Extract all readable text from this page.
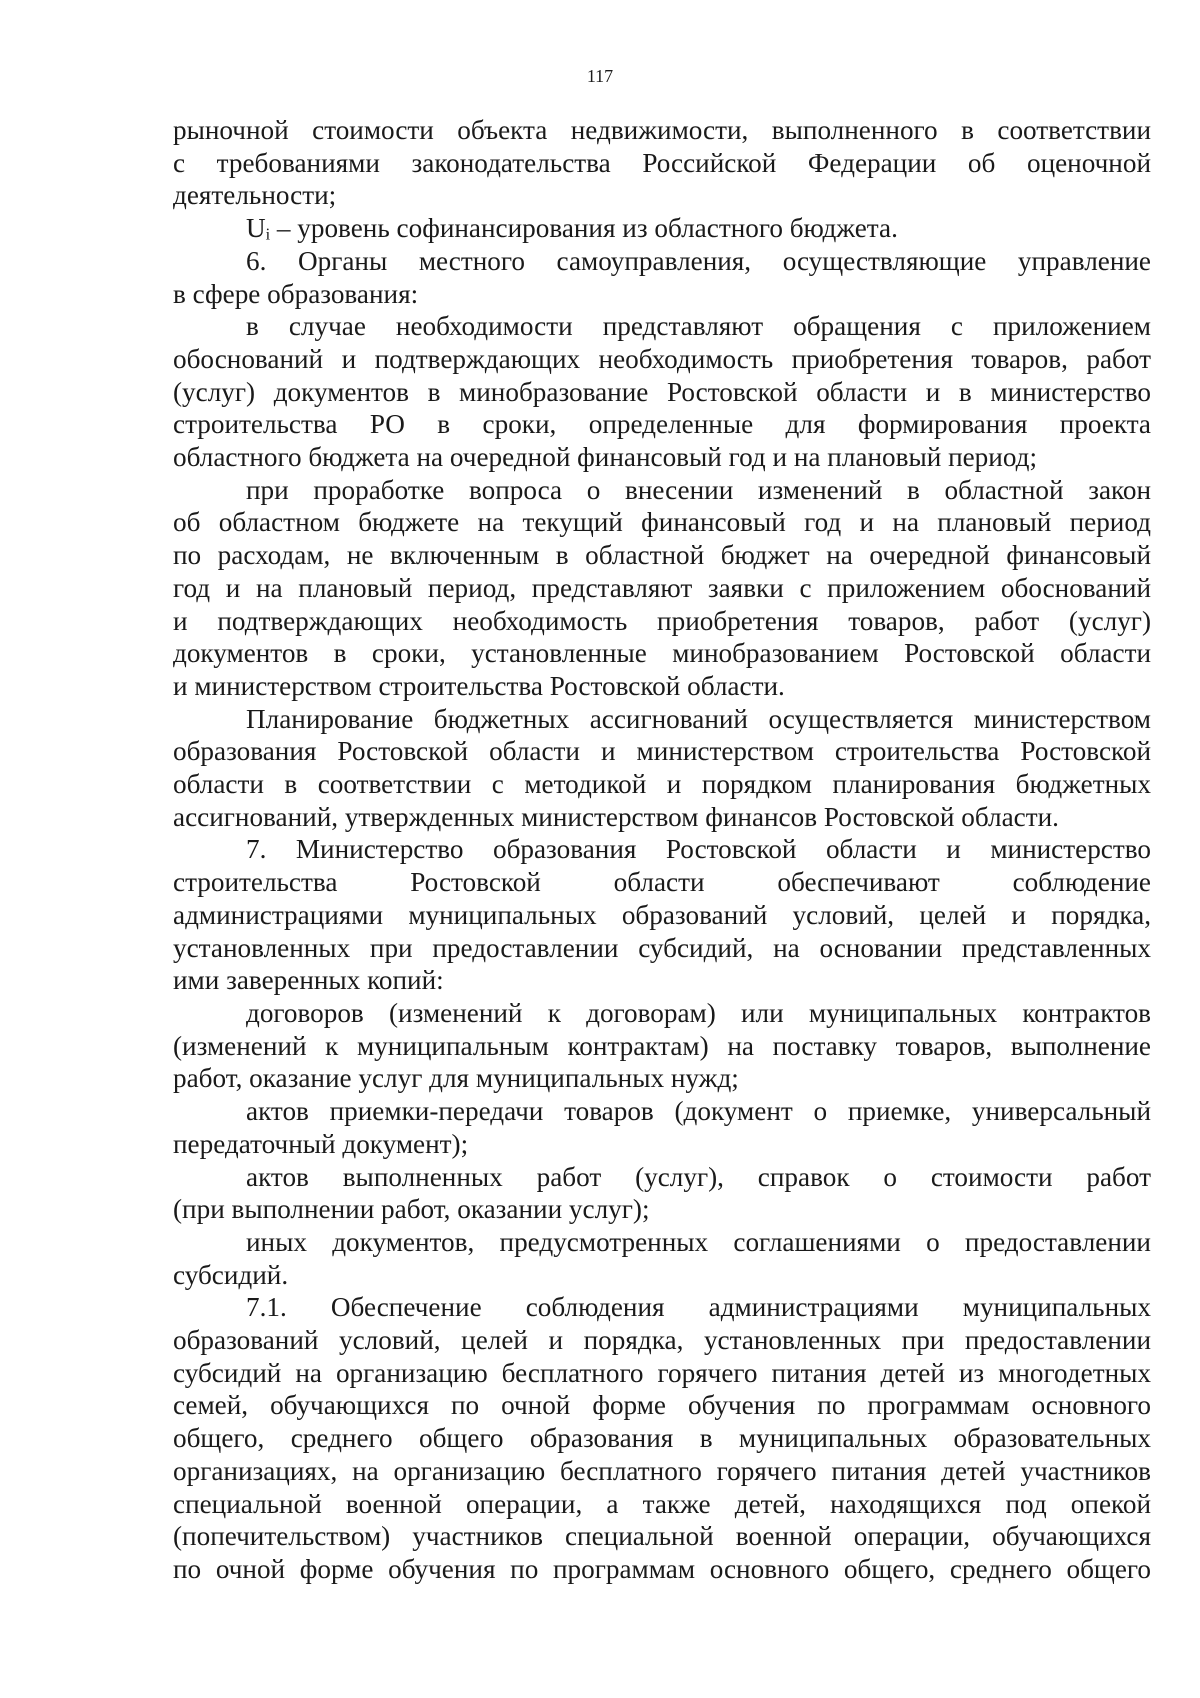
117
рыночной стоимости объекта недвижимости, выполненного в соответствии
с требованиями законодательства Российской Федерации об оценочной
деятельности;
Uᵢ – уровень софинансирования из областного бюджета.
6. Органы местного самоуправления, осуществляющие управление
в сфере образования:
в случае необходимости представляют обращения с приложением
обоснований и подтверждающих необходимость приобретения товаров, работ
(услуг) документов в минобразование Ростовской области и в министерство
строительства РО в сроки, определенные для формирования проекта
областного бюджета на очередной финансовый год и на плановый период;
при проработке вопроса о внесении изменений в областной закон
об областном бюджете на текущий финансовый год и на плановый период
по расходам, не включенным в областной бюджет на очередной финансовый
год и на плановый период, представляют заявки с приложением обоснований
и подтверждающих необходимость приобретения товаров, работ (услуг)
документов в сроки, установленные минобразованием Ростовской области
и министерством строительства Ростовской области.
Планирование бюджетных ассигнований осуществляется министерством
образования Ростовской области и министерством строительства Ростовской
области в соответствии с методикой и порядком планирования бюджетных
ассигнований, утвержденных министерством финансов Ростовской области.
7. Министерство образования Ростовской области и министерство
строительства Ростовской области обеспечивают соблюдение
администрациями муниципальных образований условий, целей и порядка,
установленных при предоставлении субсидий, на основании представленных
ими заверенных копий:
договоров (изменений к договорам) или муниципальных контрактов
(изменений к муниципальным контрактам) на поставку товаров, выполнение
работ, оказание услуг для муниципальных нужд;
актов приемки-передачи товаров (документ о приемке, универсальный
передаточный документ);
актов выполненных работ (услуг), справок о стоимости работ
(при выполнении работ, оказании услуг);
иных документов, предусмотренных соглашениями о предоставлении
субсидий.
7.1. Обеспечение соблюдения администрациями муниципальных
образований условий, целей и порядка, установленных при предоставлении
субсидий на организацию бесплатного горячего питания детей из многодетных
семей, обучающихся по очной форме обучения по программам основного
общего, среднего общего образования в муниципальных образовательных
организациях, на организацию бесплатного горячего питания детей участников
специальной военной операции, а также детей, находящихся под опекой
(попечительством) участников специальной военной операции, обучающихся
по очной форме обучения по программам основного общего, среднего общего
